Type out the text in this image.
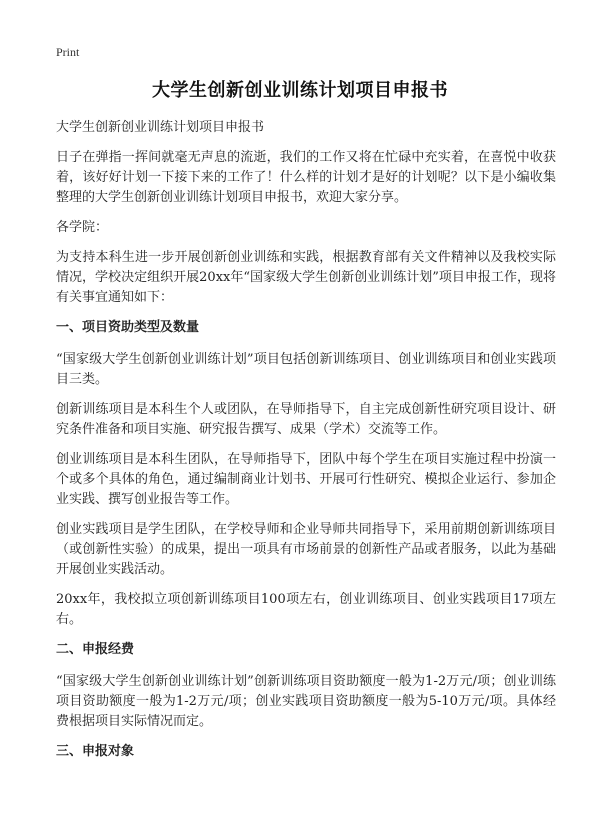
Print
大学生创新创业训练计划项目申报书

大学生创新创业训练计划项目申报书

日子在弹指一挥间就毫无声息的流逝，我们的工作又将在忙碌中充实着，在喜悦中收获着，该好好计划一下接下来的工作了！什么样的计划才是好的计划呢？以下是小编收集整理的大学生创新创业训练计划项目申报书，欢迎大家分享。

各学院：

为支持本科生进一步开展创新创业训练和实践，根据教育部有关文件精神以及我校实际情况，学校决定组织开展20xx年“国家级大学生创新创业训练计划”项目申报工作，现将有关事宜通知如下：

一、项目资助类型及数量

“国家级大学生创新创业训练计划”项目包括创新训练项目、创业训练项目和创业实践项目三类。

创新训练项目是本科生个人或团队，在导师指导下，自主完成创新性研究项目设计、研究条件准备和项目实施、研究报告撰写、成果（学术）交流等工作。

创业训练项目是本科生团队，在导师指导下，团队中每个学生在项目实施过程中扮演一个或多个具体的角色，通过编制商业计划书、开展可行性研究、模拟企业运行、参加企业实践、撰写创业报告等工作。

创业实践项目是学生团队，在学校导师和企业导师共同指导下，采用前期创新训练项目（或创新性实验）的成果，提出一项具有市场前景的创新性产品或者服务，以此为基础开展创业实践活动。

20xx年，我校拟立项创新训练项目100项左右，创业训练项目、创业实践项目17项左右。

二、申报经费

“国家级大学生创新创业训练计划”创新训练项目资助额度一般为1-2万元/项；创业训练项目资助额度一般为1-2万元/项；创业实践项目资助额度一般为5-10万元/项。具体经费根据项目实际情况而定。

三、申报对象
